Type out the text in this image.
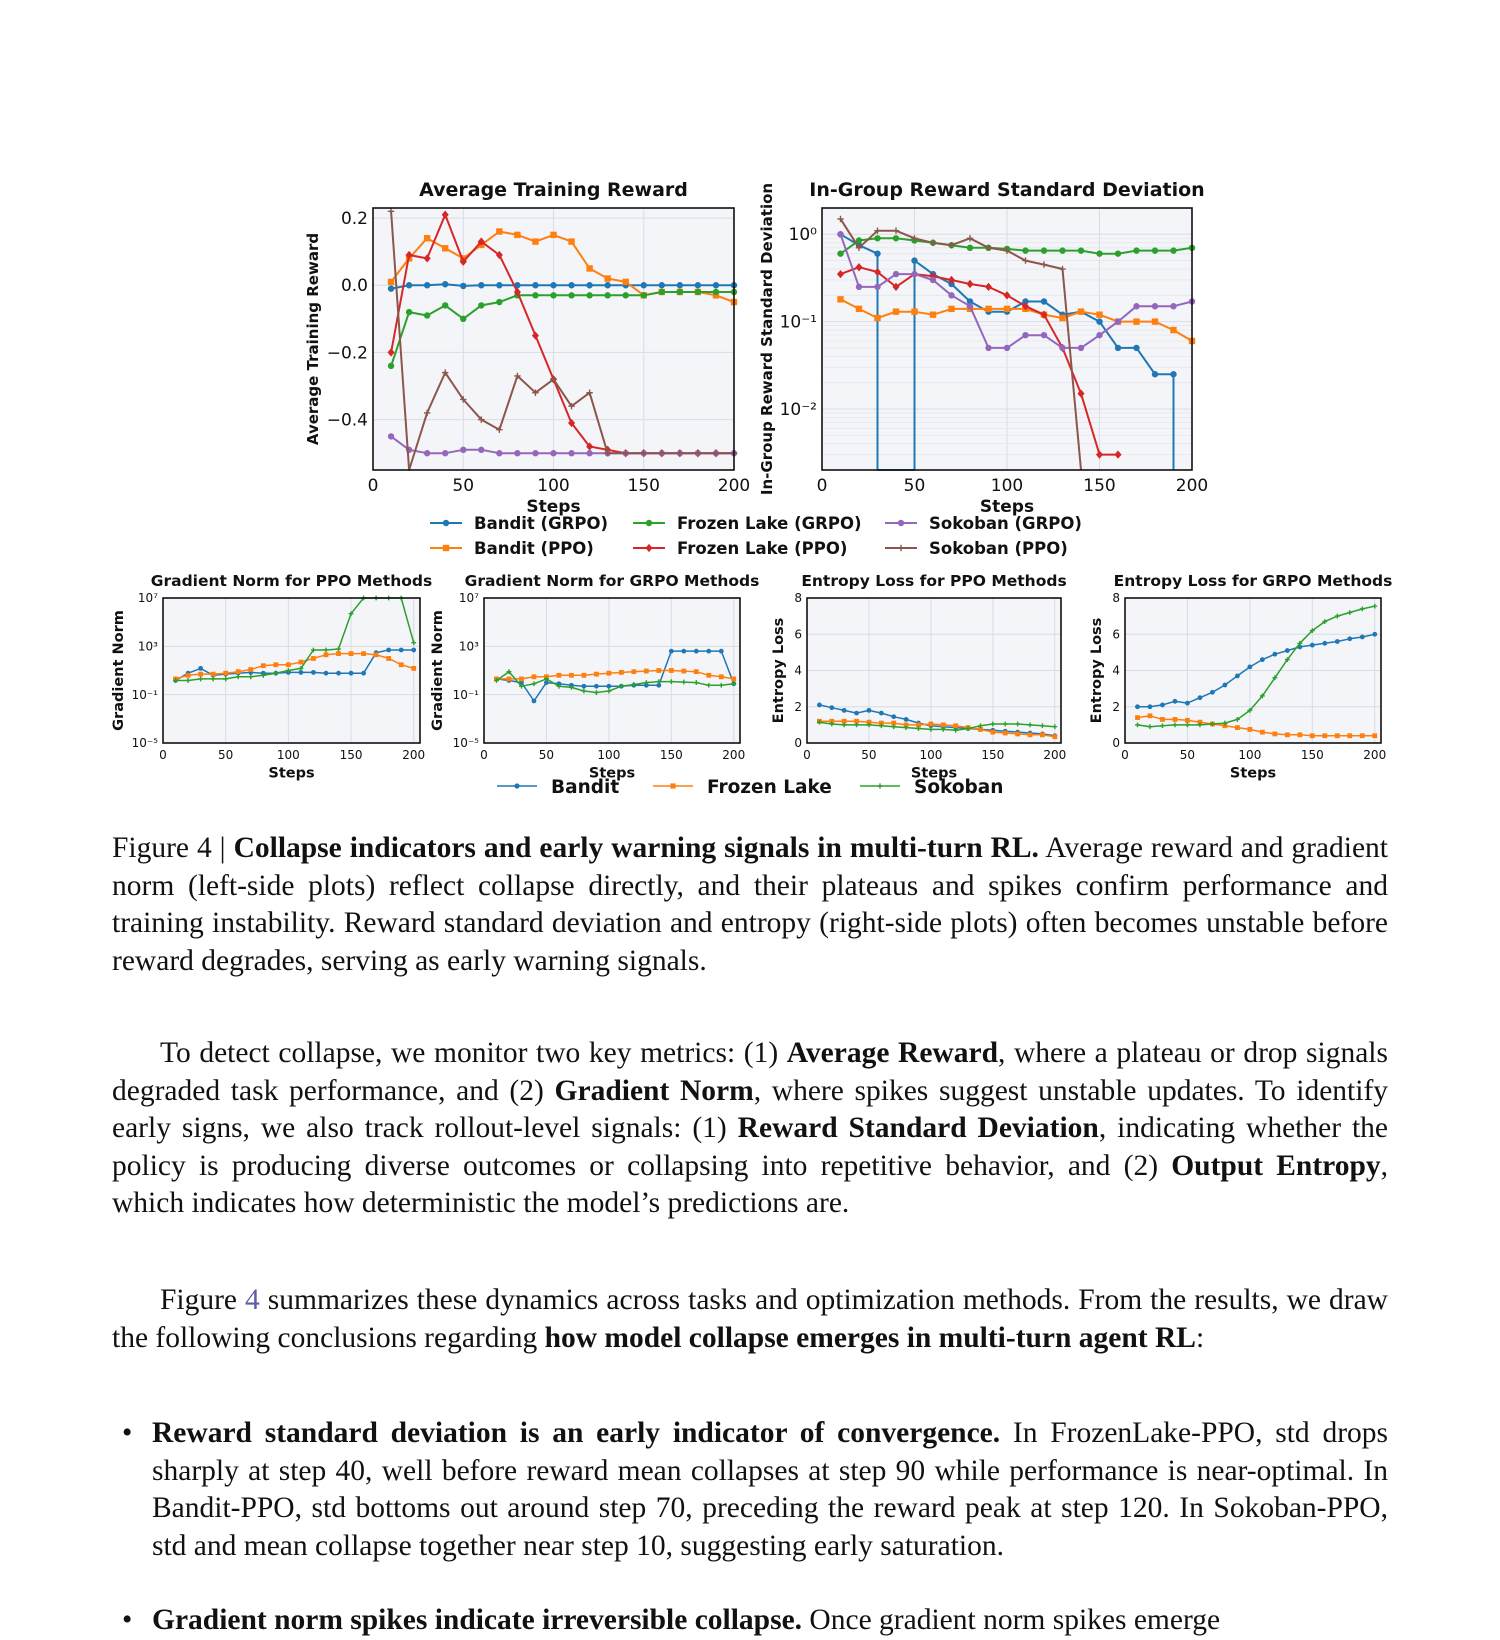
0	50	100	150	200
0.2
0.0
−0.2
−0.4
Average Training Reward
Steps
Average Training Reward
0	50	100	150	200
10⁰
10⁻¹
10⁻²
In-Group Reward Standard Deviation
Steps
In-Group Reward Standard Deviation
0	50	100	150	200
10⁷
10³
10⁻¹
10⁻⁵
Gradient Norm for PPO Methods
Steps
Gradient Norm
0	50	100	150	200
10⁷
10³
10⁻¹
10⁻⁵
Gradient Norm for GRPO Methods
Steps
Gradient Norm
0	50	100	150	200
8
6
4
2
0
Entropy Loss for PPO Methods
Steps
Entropy Loss
0	50	100	150	200
8
6
4
2
0
Entropy Loss for GRPO Methods
Steps
Entropy Loss
Bandit (GRPO)
Bandit (PPO)
Frozen Lake (GRPO)
Frozen Lake (PPO)
Sokoban (GRPO)
Sokoban (PPO)
Bandit	Frozen Lake	Sokoban
Figure 4 | Collapse indicators and early warning signals in multi-turn RL. Average reward and gradient norm (left-side plots) reflect collapse directly, and their plateaus and spikes confirm performance and training instability. Reward standard deviation and entropy (right-side plots) often becomes unstable before reward degrades, serving as early warning signals.

To detect collapse, we monitor two key metrics: (1) Average Reward, where a plateau or drop signals degraded task performance, and (2) Gradient Norm, where spikes suggest unstable updates. To identify early signs, we also track rollout-level signals: (1) Reward Standard Deviation, indicating whether the policy is producing diverse outcomes or collapsing into repetitive behavior, and (2) Output Entropy, which indicates how deterministic the model’s predictions are.

Figure 4 summarizes these dynamics across tasks and optimization methods. From the results, we draw the following conclusions regarding how model collapse emerges in multi-turn agent RL:

• Reward standard deviation is an early indicator of convergence. In FrozenLake-PPO, std drops sharply at step 40, well before reward mean collapses at step 90 while performance is near-optimal. In Bandit-PPO, std bottoms out around step 70, preceding the reward peak at step 120. In Sokoban-PPO, std and mean collapse together near step 10, suggesting early saturation.
• Gradient norm spikes indicate irreversible collapse. Once gradient norm spikes emerge
